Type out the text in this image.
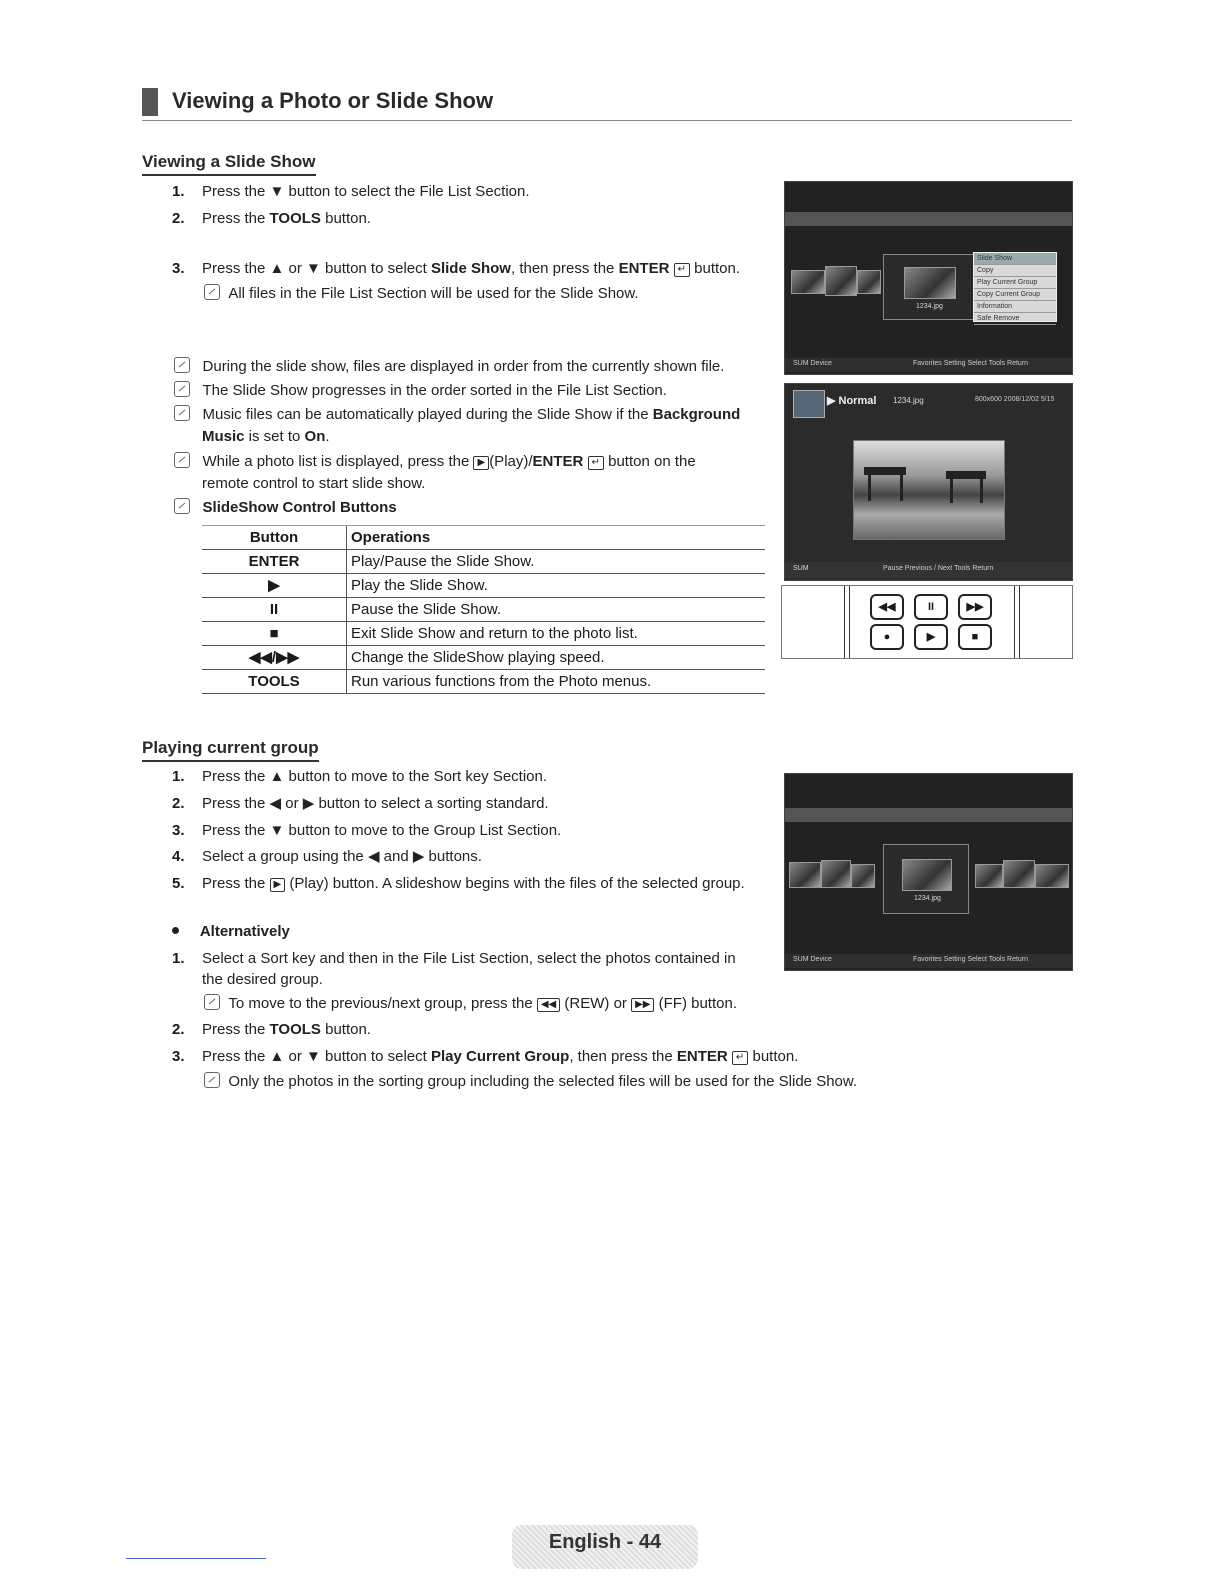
Viewing a Photo or Slide Show
Viewing a Slide Show
1. Press the ▼ button to select the File List Section.
2. Press the TOOLS button.
3. Press the ▲ or ▼ button to select Slide Show, then press the ENTER ↵ button.
All files in the File List Section will be used for the Slide Show.
During the slide show, files are displayed in order from the currently shown file.
The Slide Show progresses in the order sorted in the File List Section.
Music files can be automatically played during the Slide Show if the Background
Music is set to On.
While a photo list is displayed, press the ▶ (Play)/ENTER ↵ button on the
remote control to start slide show.
SlideShow Control Buttons
Button	Operations
ENTER	Play/Pause the Slide Show.
▶	Play the Slide Show.
II	Pause the Slide Show.
■	Exit Slide Show and return to the photo list.
◀◀/▶▶	Change the SlideShow playing speed.
TOOLS	Run various functions from the Photo menus.
1234.jpg
Slide Show
Copy
Play Current Group
Copy Current Group
Information
Safe Remove
SUM Device	Favorites Setting Select Tools Return
▶ Normal 1234.jpg	800x600 2008/12/02 5/15
SUM	Pause Previous / Next Tools Return
◀◀	II	▶▶
●	▶	■
Playing current group
1. Press the ▲ button to move to the Sort key Section.
2. Press the ◀ or ▶ button to select a sorting standard.
3. Press the ▼ button to move to the Group List Section.
4. Select a group using the ◀ and ▶ buttons.
5. Press the ▶ (Play) button. A slideshow begins with the files of the selected group.
Alternatively
1. Select a Sort key and then in the File List Section, select the photos contained in
the desired group.
To move to the previous/next group, press the ◀◀ (REW) or ▶▶ (FF) button.
2. Press the TOOLS button.
3. Press the ▲ or ▼ button to select Play Current Group, then press the ENTER ↵ button.
Only the photos in the sorting group including the selected files will be used for the Slide Show.
1234.jpg
SUM Device	Favorites Setting Select Tools Return
English - 44
